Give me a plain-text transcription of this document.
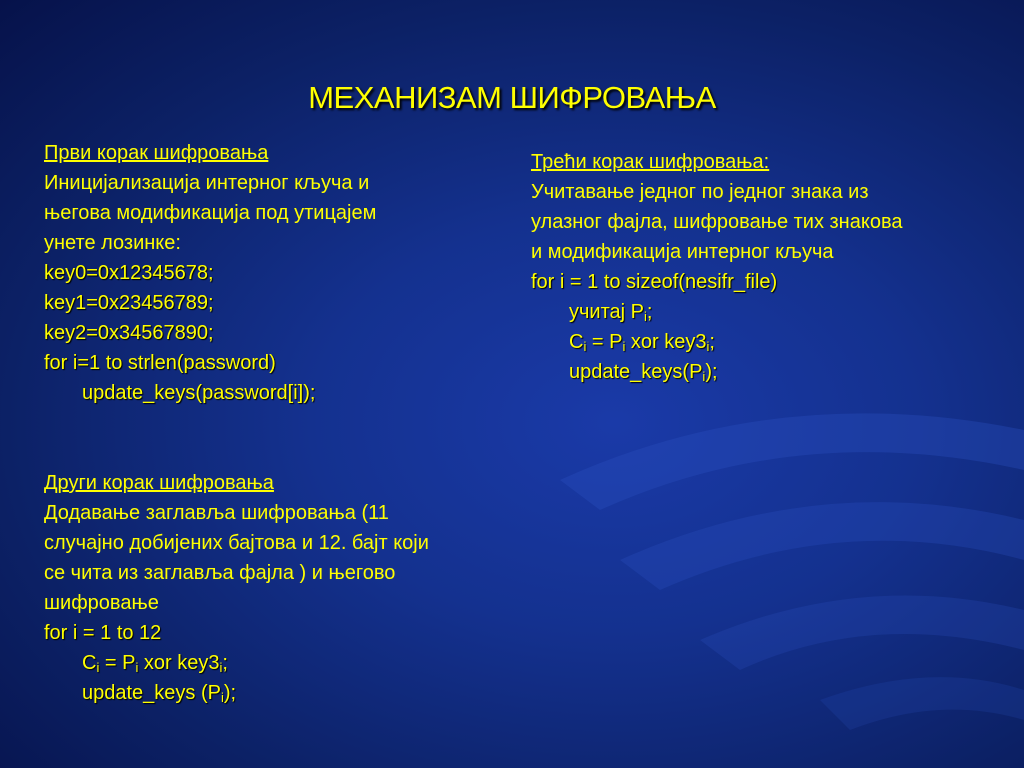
МЕХАНИЗАМ ШИФРОВАЊА
Први корак шифровања
Иницијализација интерног кључа и
његова модификација под утицајем
унете лозинке:
key0=0x12345678;
key1=0x23456789;
key2=0x34567890;
for i=1 to strlen(password)
update_keys(password[i]);
Други корак шифровања
Додавање заглавља шифровања (11
случајно добијених бајтова и 12. бајт који
се чита из заглавља фајла ) и његово
шифровање
for i = 1 to 12
$C_i = P_i$ xor $key3_i$;
update_keys $(P_i)$;
Трећи корак шифровања:
Учитавање једног по једног знака из
улазног фајла, шифровање тих знакова
и модификација интерног кључа
for i = 1 to sizeof(nesifr_file)
учитај $P_i$;
$C_i = P_i$ xor $key3_i$;
$update\_keys(P_i)$;
